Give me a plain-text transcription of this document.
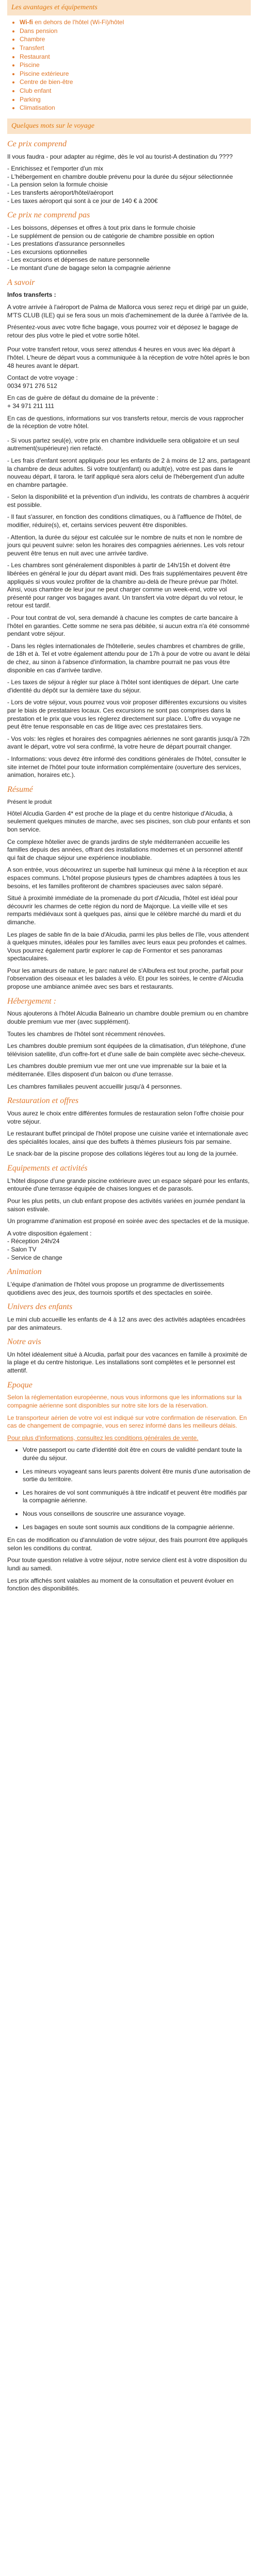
Les avantages et équipements
• Wi-fi en dehors de l'hôtel (Wi-Fi)/hôtel
• Dans pension
• Chambre
• Transfert
• Restaurant
• Piscine
• Piscine extérieure
• Centre de bien-être
• Club enfant
• Parking
• Climatisation
Quelques mots sur le voyage
Ce prix comprend

Il vous faudra - pour adapter au régime, dès le vol au tourist-A destination du ????

- Enrichissez et l'emporter d'un mix
- L'hébergement en chambre double prévenu pour la durée du séjour sélectionnée
- La pension selon la formule choisie
- Les transferts aéroport/hôtel/aéroport
- Les taxes aéroport qui sont à ce jour de 140 € à 200€

Ce prix ne comprend pas

- Les boissons, dépenses et offres à tout prix dans le formule choisie
- Le supplément de pension ou de catégorie de chambre possible en option
- Les prestations d'assurance personnelles
- Les excursions optionnelles
- Les excursions et dépenses de nature personnelle
- Le montant d'une de bagage selon la compagnie aérienne

A savoir

Infos transferts :

A votre arrivée à l'aéroport de Palma de Mallorca vous serez reçu et dirigé par un guide, M'TS CLUB (ILE) qui se fera sous un mois d'acheminement de la durée à l'arrivée de la.

Présentez-vous avec votre fiche bagage, vous pourrez voir et déposez le bagage de retour des plus votre le pied et votre sortie hôtel.

Pour votre transfert retour, vous serez attendus 4 heures en vous avec léa départ à l'hôtel. L'heure de départ vous a communiquée à la réception de votre hôtel après le bon 48 heures avant le départ.

Contact de votre voyage :
0034 971 276 512

En cas de guère de défaut du domaine de la prévente :
+ 34 971 211 111

En cas de questions, informations sur vos transferts retour, mercis de vous rapprocher de la réception de votre hôtel.

- Si vous partez seul(e), votre prix en chambre individuelle sera obligatoire et un seul autrement(supérieure) rien refacté.

- Les frais d'enfant seront appliqués pour les enfants de 2 à moins de 12 ans, partageant la chambre de deux adultes. Si votre tout(enfant) ou adult(e), votre est pas dans le nouveau départ, il tarora. le tarif appliqué sera alors celui de l'hébergement d'un adulte en chambre partagée.

- Selon la disponibilité et la prévention d'un individu, les contrats de chambres à acquérir est possible.

- Il faut s'assurer, en fonction des conditions climatiques, ou à l'affluence de l'hôtel, de modifier, réduire(s), et, certains services peuvent être disponibles.

- Attention, la durée du séjour est calculée sur le nombre de nuits et non le nombre de jours qui peuvent suivre: selon les horaires des compagnies aériennes. Les vols retour peuvent être tenus en nuit avec une arrivée tardive.

- Les chambres sont généralement disponibles à partir de 14h/15h et doivent être libérées en général le jour du départ avant midi. Des frais supplémentaires peuvent être appliqués si vous voulez profiter de la chambre au-delà de l'heure prévue par l'hôtel. Ainsi, vous chambre de leur jour ne peut charger comme un week-end, votre vol présenté pour ranger vos bagages avant. Un transfert via votre départ du vol retour, le retour est tardif.

- Pour tout contrat de vol, sera demandé à chacune les comptes de carte bancaire à l'hôtel en garanties. Cette somme ne sera pas débitée, si aucun extra n'a été consommé pendant votre séjour.

- Dans les règles internationales de l'hôtellerie, seules chambres et chambres de grille, de 18h et à. Tel et votre également attendu pour de 17h à pour de votre ou avant le délai de chez, au sinon à l'absence d'information, la chambre pourrait ne pas vous être disponible en cas d'arrivée tardive.

- Les taxes de séjour à régler sur place à l'hôtel sont identiques de départ. Une carte d'identité du dépôt sur la dernière taxe du séjour.

- Lors de votre séjour, vous pourrez vous voir proposer différentes excursions ou visites par le biais de prestataires locaux. Ces excursions ne sont pas comprises dans la prestation et le prix que vous les réglerez directement sur place. L'offre du voyage ne peut être tenue responsable en cas de litige avec ces prestataires tiers.

- Vos vols: les règles et horaires des compagnies aériennes ne sont garantis jusqu'à 72h avant le départ, votre vol sera confirmé, la votre heure de départ pourrait changer.

- Informations: vous devez être informé des conditions générales de l'hôtel, consulter le site internet de l'hôtel pour toute information complémentaire (ouverture des services, animation, horaires etc.).

Résumé

Présent le produit

Hôtel Alcudia Garden 4* est proche de la plage et du centre historique d'Alcudia, à seulement quelques minutes de marche, avec ses piscines, son club pour enfants et son bon service.

Ce complexe hôtelier avec de grands jardins de style méditerranéen accueille les familles depuis des années, offrant des installations modernes et un personnel attentif qui fait de chaque séjour une expérience inoubliable.

A son entrée, vous découvrirez un superbe hall lumineux qui mène à la réception et aux espaces communs. L'hôtel propose plusieurs types de chambres adaptées à tous les besoins, et les familles profiteront de chambres spacieuses avec salon séparé.

Situé à proximité immédiate de la promenade du port d'Alcudia, l'hôtel est idéal pour découvrir les charmes de cette région du nord de Majorque. La vieille ville et ses remparts médiévaux sont à quelques pas, ainsi que le célèbre marché du mardi et du dimanche.

Les plages de sable fin de la baie d'Alcudia, parmi les plus belles de l'île, vous attendent à quelques minutes, idéales pour les familles avec leurs eaux peu profondes et calmes. Vous pourrez également partir explorer le cap de Formentor et ses panoramas spectaculaires.

Pour les amateurs de nature, le parc naturel de s'Albufera est tout proche, parfait pour l'observation des oiseaux et les balades à vélo. Et pour les soirées, le centre d'Alcudia propose une ambiance animée avec ses bars et restaurants.

Hébergement :

Nous ajouterons à l'hôtel Alcudia Balneario un chambre double premium ou en chambre double premium vue mer (avec supplément).

Toutes les chambres de l'hôtel sont récemment rénovées.

Les chambres double premium sont équipées de la climatisation, d'un téléphone, d'une télévision satellite, d'un coffre-fort et d'une salle de bain complète avec sèche-cheveux.

Les chambres double premium vue mer ont une vue imprenable sur la baie et la méditerranée. Elles disposent d'un balcon ou d'une terrasse.

Les chambres familiales peuvent accueillir jusqu'à 4 personnes.

Restauration et offres

Vous aurez le choix entre différentes formules de restauration selon l'offre choisie pour votre séjour.

Le restaurant buffet principal de l'hôtel propose une cuisine variée et internationale avec des spécialités locales, ainsi que des buffets à thèmes plusieurs fois par semaine.

Le snack-bar de la piscine propose des collations légères tout au long de la journée.

Equipements et activités

L'hôtel dispose d'une grande piscine extérieure avec un espace séparé pour les enfants, entourée d'une terrasse équipée de chaises longues et de parasols.

Pour les plus petits, un club enfant propose des activités variées en journée pendant la saison estivale.

Un programme d'animation est proposé en soirée avec des spectacles et de la musique.

A votre disposition également :
- Réception 24h/24
- Salon TV
- Service de change

Animation

L'équipe d'animation de l'hôtel vous propose un programme de divertissements quotidiens avec des jeux, des tournois sportifs et des spectacles en soirée.

Univers des enfants

Le mini club accueille les enfants de 4 à 12 ans avec des activités adaptées encadrées par des animateurs.

Notre avis

Un hôtel idéalement situé à Alcudia, parfait pour des vacances en famille à proximité de la plage et du centre historique. Les installations sont complètes et le personnel est attentif.

Epoque

Selon la réglementation européenne, nous vous informons que les informations sur la compagnie aérienne sont disponibles sur notre site lors de la réservation.

Le transporteur aérien de votre vol est indiqué sur votre confirmation de réservation. En cas de changement de compagnie, vous en serez informé dans les meilleurs délais.

Pour plus d'informations, consultez les conditions générales de vente.

• Votre passeport ou carte d'identité doit être en cours de validité pendant toute la durée du séjour.
• Les mineurs voyageant sans leurs parents doivent être munis d'une autorisation de sortie du territoire.
• Les horaires de vol sont communiqués à titre indicatif et peuvent être modifiés par la compagnie aérienne.
• Nous vous conseillons de souscrire une assurance voyage.
• Les bagages en soute sont soumis aux conditions de la compagnie aérienne.

En cas de modification ou d'annulation de votre séjour, des frais pourront être appliqués selon les conditions du contrat.

Pour toute question relative à votre séjour, notre service client est à votre disposition du lundi au samedi.

Les prix affichés sont valables au moment de la consultation et peuvent évoluer en fonction des disponibilités.
